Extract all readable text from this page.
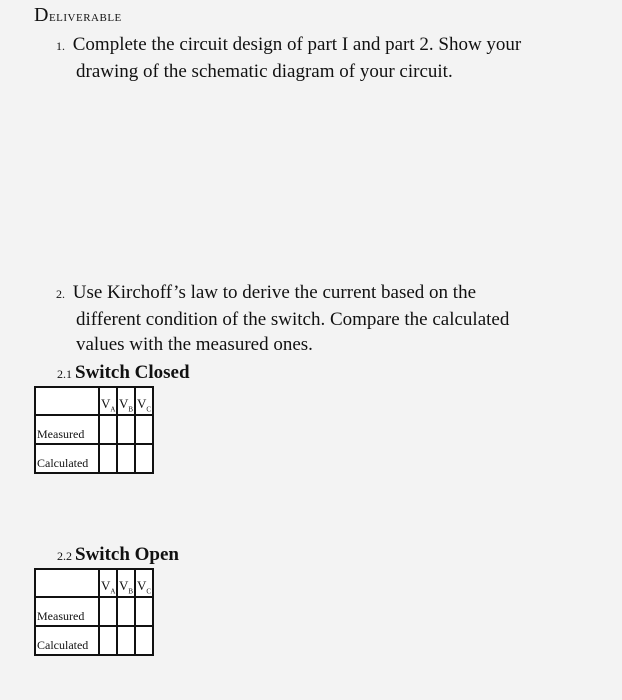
Deliverable
1. Complete the circuit design of part I and part 2. Show your
drawing of the schematic diagram of your circuit.
2. Use Kirchoff’s law to derive the current based on the
different condition of the switch. Compare the calculated
values with the measured ones.
2.1 Switch Closed
	$V_A$	$V_B$	$V_C$
Measured			
Calculated			
2.2 Switch Open
	$V_A$	$V_B$	$V_C$
Measured			
Calculated			
